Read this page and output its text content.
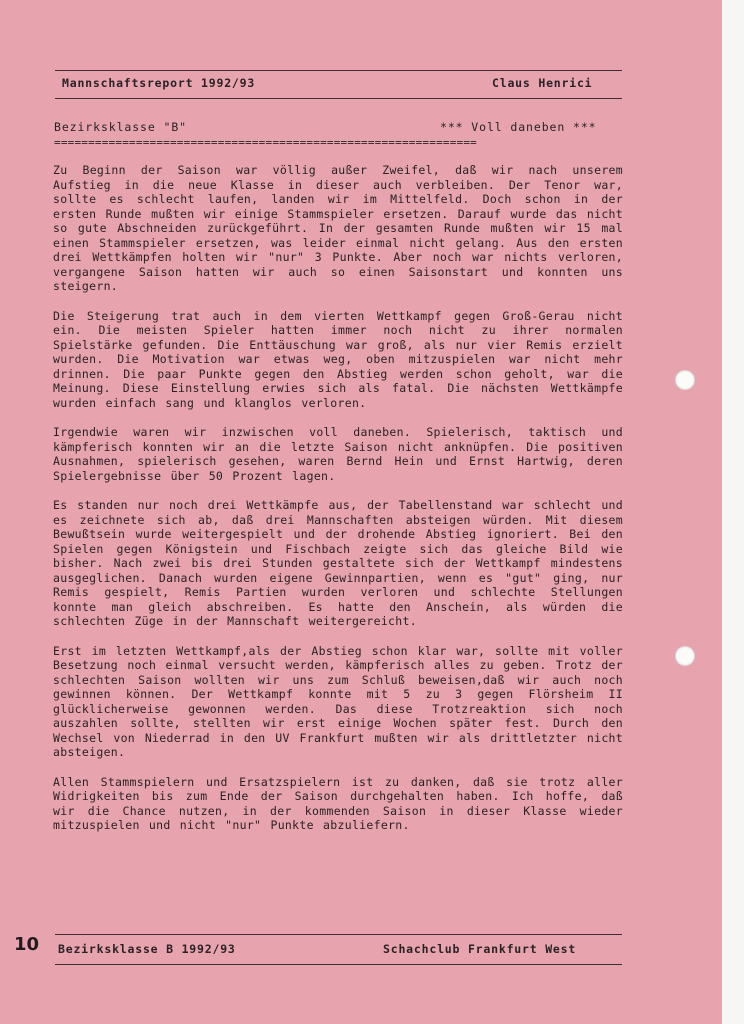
Mannschaftsreport 1992/93	Claus Henrici
Bezirksklasse "B"	*** Voll daneben ***
==============================================================

Zu Beginn der Saison war völlig außer Zweifel, daß wir nach unserem Aufstieg in die neue Klasse in dieser auch verbleiben. Der Tenor war, sollte es schlecht laufen, landen wir im Mittelfeld. Doch schon in der ersten Runde mußten wir einige Stammspieler ersetzen. Darauf wurde das nicht so gute Abschneiden zurückgeführt. In der gesamten Runde mußten wir 15 mal einen Stammspieler ersetzen, was leider einmal nicht gelang. Aus den ersten drei Wettkämpfen holten wir "nur" 3 Punkte. Aber noch war nichts verloren, vergangene Saison hatten wir auch so einen Saisonstart und konnten uns steigern.

Die Steigerung trat auch in dem vierten Wettkampf gegen Groß-Gerau nicht ein. Die meisten Spieler hatten immer noch nicht zu ihrer normalen Spielstärke gefunden. Die Enttäuschung war groß, als nur vier Remis erzielt wurden. Die Motivation war etwas weg, oben mitzuspielen war nicht mehr drinnen. Die paar Punkte gegen den Abstieg werden schon geholt, war die Meinung. Diese Einstellung erwies sich als fatal. Die nächsten Wettkämpfe wurden einfach sang und klanglos verloren.

Irgendwie waren wir inzwischen voll daneben. Spielerisch, taktisch und kämpferisch konnten wir an die letzte Saison nicht anknüpfen. Die positiven Ausnahmen, spielerisch gesehen, waren Bernd Hein und Ernst Hartwig, deren Spielergebnisse über 50 Prozent lagen.

Es standen nur noch drei Wettkämpfe aus, der Tabellenstand war schlecht und es zeichnete sich ab, daß drei Mannschaften absteigen würden. Mit diesem Bewußtsein wurde weitergespielt und der drohende Abstieg ignoriert. Bei den Spielen gegen Königstein und Fischbach zeigte sich das gleiche Bild wie bisher. Nach zwei bis drei Stunden gestaltete sich der Wettkampf mindestens ausgeglichen. Danach wurden eigene Gewinnpartien, wenn es "gut" ging, nur Remis gespielt, Remis Partien wurden verloren und schlechte Stellungen konnte man gleich abschreiben. Es hatte den Anschein, als würden die schlechten Züge in der Mannschaft weitergereicht.

Erst im letzten Wettkampf,als der Abstieg schon klar war, sollte mit voller Besetzung noch einmal versucht werden, kämpferisch alles zu geben. Trotz der schlechten Saison wollten wir uns zum Schluß beweisen,daß wir auch noch gewinnen können. Der Wettkampf konnte mit 5 zu 3 gegen Flörsheim II glücklicherweise gewonnen werden. Das diese Trotzreaktion sich noch auszahlen sollte, stellten wir erst einige Wochen später fest. Durch den Wechsel von Niederrad in den UV Frankfurt mußten wir als drittletzter nicht absteigen.

Allen Stammspielern und Ersatzspielern ist zu danken, daß sie trotz aller Widrigkeiten bis zum Ende der Saison durchgehalten haben. Ich hoffe, daß wir die Chance nutzen, in der kommenden Saison in dieser Klasse wieder mitzuspielen und nicht "nur" Punkte abzuliefern.

10 Bezirksklasse B 1992/93	Schachclub Frankfurt West
